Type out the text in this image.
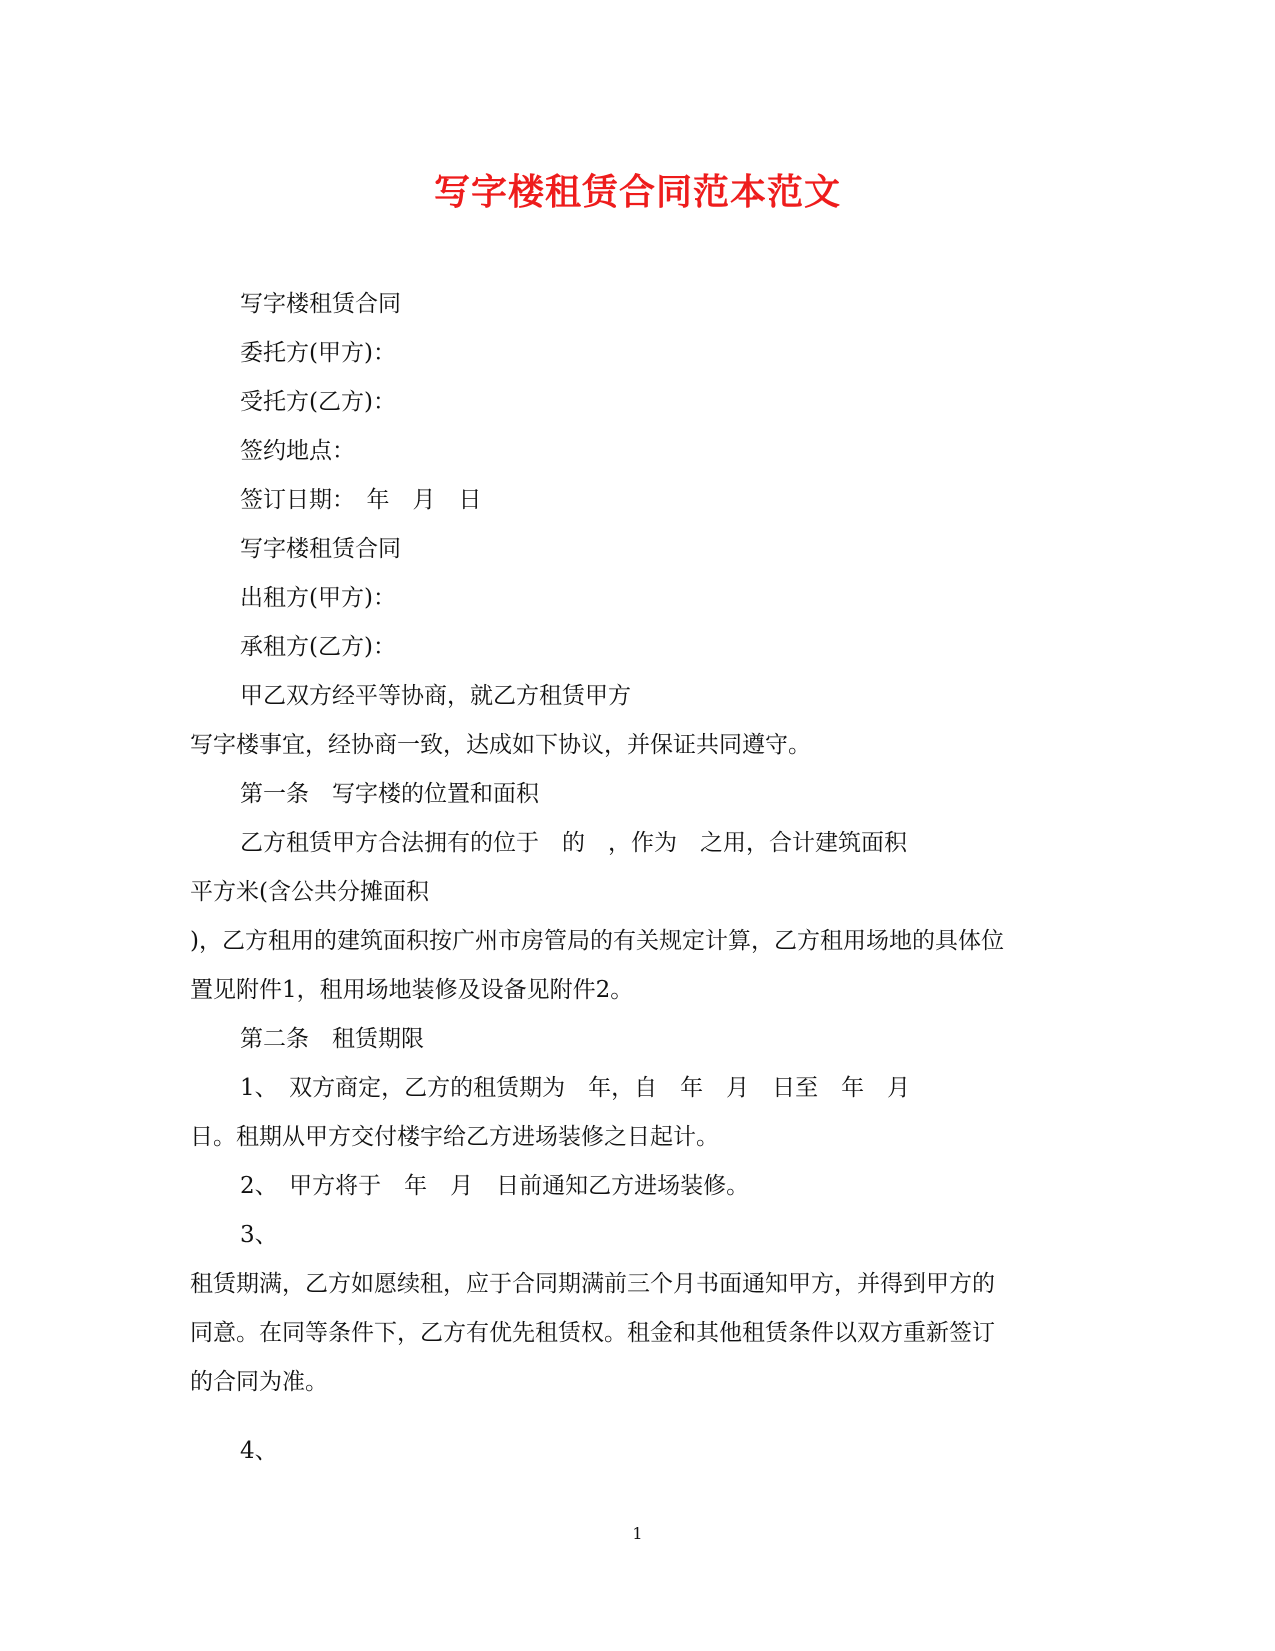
写字楼租赁合同范本范文
写字楼租赁合同
委托方(甲方)：
受托方(乙方)：
签约地点：
签订日期：　年　月　日
写字楼租赁合同
出租方(甲方)：
承租方(乙方)：
甲乙双方经平等协商，就乙方租赁甲方
写字楼事宜，经协商一致，达成如下协议，并保证共同遵守。
第一条　写字楼的位置和面积
乙方租赁甲方合法拥有的位于　的　，作为　之用，合计建筑面积
平方米(含公共分摊面积
)，乙方租用的建筑面积按广州市房管局的有关规定计算，乙方租用场地的具体位
置见附件1，租用场地装修及设备见附件2。
第二条　租赁期限
1、　双方商定，乙方的租赁期为　年，自　年　月　日至　年　月
日。租期从甲方交付楼宇给乙方进场装修之日起计。
2、　甲方将于　年　月　日前通知乙方进场装修。
3、
租赁期满，乙方如愿续租，应于合同期满前三个月书面通知甲方，并得到甲方的
同意。在同等条件下，乙方有优先租赁权。租金和其他租赁条件以双方重新签订
的合同为准。
4、
1
